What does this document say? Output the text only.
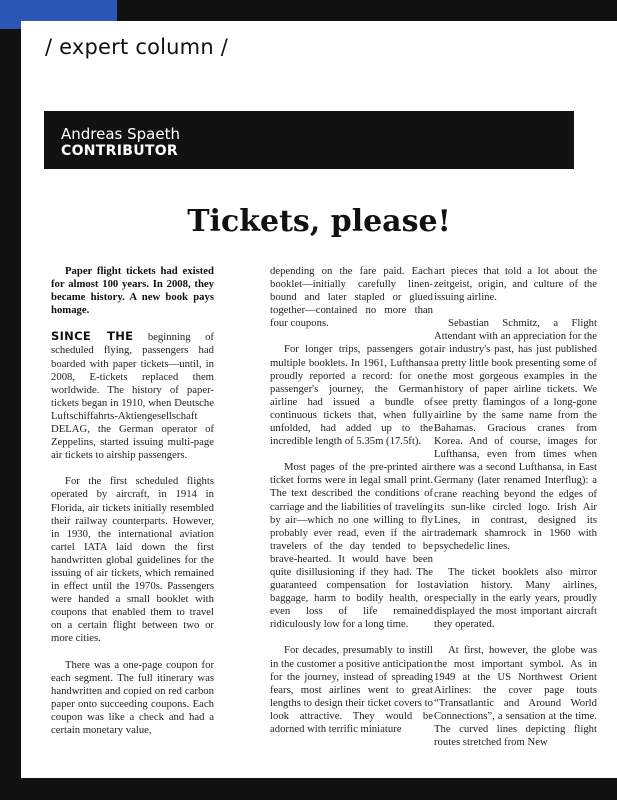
/ expert column /
Andreas Spaeth
CONTRIBUTOR
Tickets, please!

Paper flight tickets had existed for almost 100 years. In 2008, they became history. A new book pays homage.

SINCE THE beginning of scheduled flying, passengers had boarded with paper tickets—until, in 2008, E-tickets replaced them worldwide. The history of paper-tickets began in 1910, when Deutsche Luftschiffahrts-Aktiengesellschaft DELAG, the German operator of Zeppelins, started issuing multi-page air tickets to airship passengers.

For the first scheduled flights operated by aircraft, in 1914 in Florida, air tickets initially resembled their railway counterparts. However, in 1930, the international aviation cartel IATA laid down the first handwritten global guidelines for the issuing of air tickets, which remained in effect until the 1970s. Passengers were handed a small booklet with coupons that enabled them to travel on a certain flight between two or more cities.

There was a one-page coupon for each segment. The full itinerary was handwritten and copied on red carbon paper onto succeeding coupons. Each coupon was like a check and had a certain monetary value,

depending on the fare paid. Each booklet—initially carefully linen-bound and later stapled or glued together—contained no more than four coupons.

For longer trips, passengers got multiple booklets. In 1961, Lufthansa proudly reported a record: for one passenger's journey, the German airline had issued a bundle of continuous tickets that, when fully unfolded, had added up to the incredible length of 5.35m (17.5ft).

Most pages of the pre-printed air ticket forms were in legal small print. The text described the conditions of carriage and the liabilities of traveling by air—which no one willing to fly probably ever read, even if the air travelers of the day tended to be brave-hearted. It would have been quite disillusioning if they had. The guaranteed compensation for lost baggage, harm to bodily health, or even loss of life remained ridiculously low for a long time.

For decades, presumably to instill in the customer a positive anticipation for the journey, instead of spreading fears, most airlines went to great lengths to design their ticket covers to look attractive. They would be adorned with terrific miniature

art pieces that told a lot about the zeitgeist, origin, and culture of the issuing airline.

Sebastian Schmitz, a Flight Attendant with an appreciation for the air industry's past, has just published a pretty little book presenting some of the most gorgeous examples in the history of paper airline tickets. We see pretty flamingos of a long-gone airline by the same name from the Bahamas. Gracious cranes from Korea. And of course, images for Lufthansa, even from times when there was a second Lufthansa, in East Germany (later renamed Interflug): a crane reaching beyond the edges of its sun-like circled logo. Irish Air Lines, in contrast, designed its trademark shamrock in 1960 with psychedelic lines.

The ticket booklets also mirror aviation history. Many airlines, especially in the early years, proudly displayed the most important aircraft they operated.

At first, however, the globe was the most important symbol. As in 1949 at the US Northwest Orient Airlines: the cover page touts “Transatlantic and Around World Connections”, a sensation at the time. The curved lines depicting flight routes stretched from New
